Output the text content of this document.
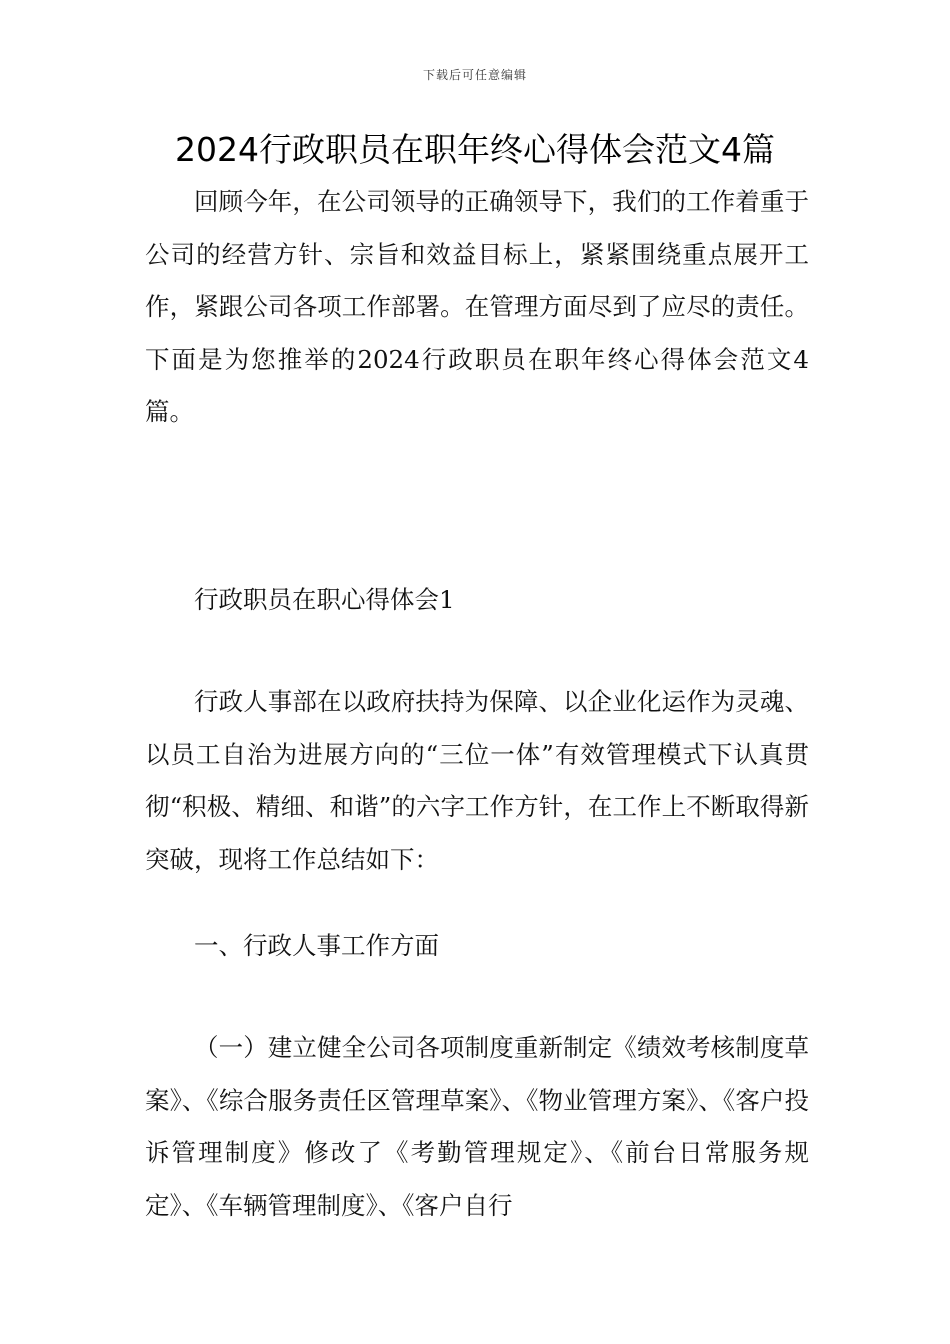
下载后可任意编辑
2024行政职员在职年终心得体会范文4篇

回顾今年，在公司领导的正确领导下，我们的工作着重于公司的经营方针、宗旨和效益目标上，紧紧围绕重点展开工作，紧跟公司各项工作部署。在管理方面尽到了应尽的责任。下面是为您推举的2024行政职员在职年终心得体会范文4篇。

行政职员在职心得体会1

行政人事部在以政府扶持为保障、以企业化运作为灵魂、以员工自治为进展方向的“三位一体”有效管理模式下认真贯彻“积极、精细、和谐”的六字工作方针，在工作上不断取得新突破，现将工作总结如下：

一、行政人事工作方面

（一）建立健全公司各项制度重新制定《绩效考核制度草案》、《综合服务责任区管理草案》、《物业管理方案》、《客户投诉管理制度》修改了《考勤管理规定》、《前台日常服务规定》、《车辆管理制度》、《客户自行
